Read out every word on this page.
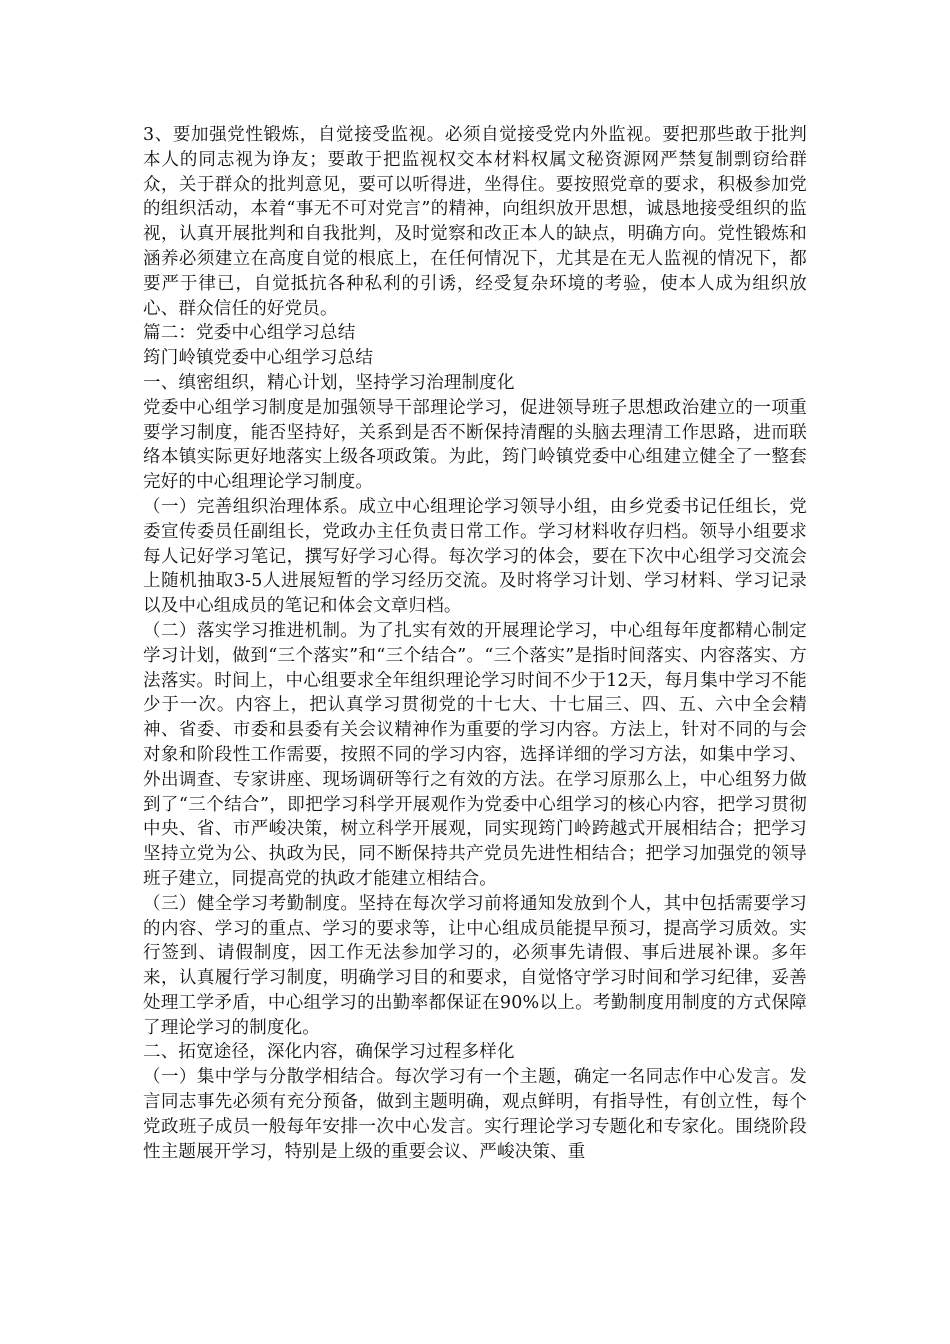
3、要加强党性锻炼，自觉接受监视。必须自觉接受党内外监视。要把那些敢于批判本人的同志视为诤友；要敢于把监视权交本材料权属文秘资源网严禁复制剽窃给群众，关于群众的批判意见，要可以听得进，坐得住。要按照党章的要求，积极参加党的组织活动，本着“事无不可对党言”的精神，向组织放开思想，诚恳地接受组织的监视，认真开展批判和自我批判，及时觉察和改正本人的缺点，明确方向。党性锻炼和涵养必须建立在高度自觉的根底上，在任何情况下，尤其是在无人监视的情况下，都要严于律已，自觉抵抗各种私利的引诱，经受复杂环境的考验，使本人成为组织放心、群众信任的好党员。

篇二：党委中心组学习总结

筠门岭镇党委中心组学习总结

一、缜密组织，精心计划，坚持学习治理制度化

党委中心组学习制度是加强领导干部理论学习，促进领导班子思想政治建立的一项重要学习制度，能否坚持好，关系到是否不断保持清醒的头脑去理清工作思路，进而联络本镇实际更好地落实上级各项政策。为此，筠门岭镇党委中心组建立健全了一整套完好的中心组理论学习制度。

（一）完善组织治理体系。成立中心组理论学习领导小组，由乡党委书记任组长，党委宣传委员任副组长，党政办主任负责日常工作。学习材料收存归档。领导小组要求每人记好学习笔记，撰写好学习心得。每次学习的体会，要在下次中心组学习交流会上随机抽取3-5人进展短暂的学习经历交流。及时将学习计划、学习材料、学习记录以及中心组成员的笔记和体会文章归档。

（二）落实学习推进机制。为了扎实有效的开展理论学习，中心组每年度都精心制定学习计划，做到“三个落实”和“三个结合”。“三个落实”是指时间落实、内容落实、方法落实。时间上，中心组要求全年组织理论学习时间不少于12天，每月集中学习不能少于一次。内容上，把认真学习贯彻党的十七大、十七届三、四、五、六中全会精神、省委、市委和县委有关会议精神作为重要的学习内容。方法上，针对不同的与会对象和阶段性工作需要，按照不同的学习内容，选择详细的学习方法，如集中学习、外出调查、专家讲座、现场调研等行之有效的方法。在学习原那么上，中心组努力做到了“三个结合”，即把学习科学开展观作为党委中心组学习的核心内容，把学习贯彻中央、省、市严峻决策，树立科学开展观，同实现筠门岭跨越式开展相结合；把学习坚持立党为公、执政为民，同不断保持共产党员先进性相结合；把学习加强党的领导班子建立，同提高党的执政才能建立相结合。

（三）健全学习考勤制度。坚持在每次学习前将通知发放到个人，其中包括需要学习的内容、学习的重点、学习的要求等，让中心组成员能提早预习，提高学习质效。实行签到、请假制度，因工作无法参加学习的，必须事先请假、事后进展补课。多年来，认真履行学习制度，明确学习目的和要求，自觉恪守学习时间和学习纪律，妥善处理工学矛盾，中心组学习的出勤率都保证在90%以上。考勤制度用制度的方式保障了理论学习的制度化。

二、拓宽途径，深化内容，确保学习过程多样化

（一）集中学与分散学相结合。每次学习有一个主题，确定一名同志作中心发言。发言同志事先必须有充分预备，做到主题明确，观点鲜明，有指导性，有创立性，每个党政班子成员一般每年安排一次中心发言。实行理论学习专题化和专家化。围绕阶段性主题展开学习，特别是上级的重要会议、严峻决策、重
